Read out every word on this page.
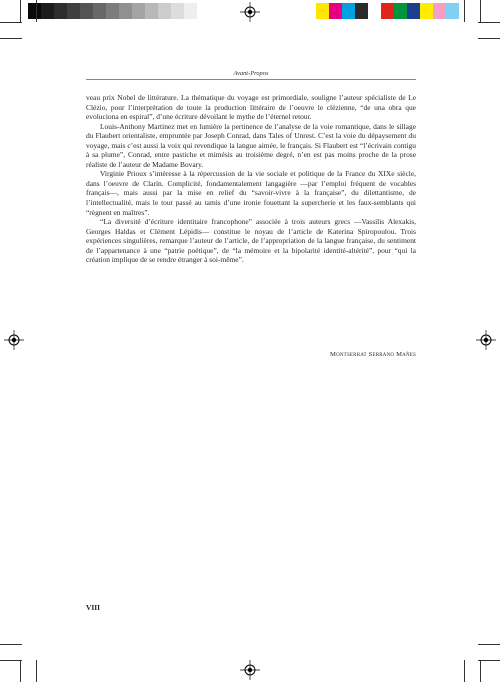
Avant-Propos

veau prix Nobel de littérature. La thématique du voyage est primordiale, souligne l’auteur spécialiste de Le Clézio, pour l’interprétation de toute la production littéraire de l’oeuvre le clézienne, “de una obra que evoluciona en espiral”, d’une écriture dévoilant le mythe de l’éternel retour.

Louis-Anthony Martinez met en lumière la pertinence de l’analyse de la voie romantique, dans le sillage du Flaubert orientaliste, empruntée par Joseph Conrad, dans Tales of Unrest. C’est la voie du dépaysement du voyage, mais c’est aussi la voix qui revendique la langue aimée, le français. Si Flaubert est “l’écrivain contigu à sa plume”, Conrad, entre pastiche et mimésis au troisième degré, n’en est pas moins proche de la prose réaliste de l’auteur de Madame Bovary.

Virginie Prioux s’intéresse à la répercussion de la vie sociale et politique de la France du XIXe siècle, dans l’oeuvre de Clarín. Complicité, fondamentalement langagière —par l’emploi fréquent de vocables français—, mais aussi par la mise en relief du “savoir-vivre à la française”, du dilettantisme, de l’intellectualité, mais le tout passé au tamis d’une ironie fouettant la supercherie et les faux-semblants qui “règnent en maîtres”.

“La diversité d’écriture identitaire francophone” associée à trois auteurs grecs —Vassilis Alexakis, Georges Haldas et Clément Lépidis— constitue le noyau de l’article de Katerina Spiropoulou. Trois expériences singulières, remarque l’auteur de l’article, de l’appropriation de la langue française, du sentiment de l’appartenance à une “patrie poétique”, de “la mémoire et la bipolarité identité-altérité”, pour “qui la création implique de se rendre étranger à soi-même”.

Montserrat Serrano Mañes
VIII
